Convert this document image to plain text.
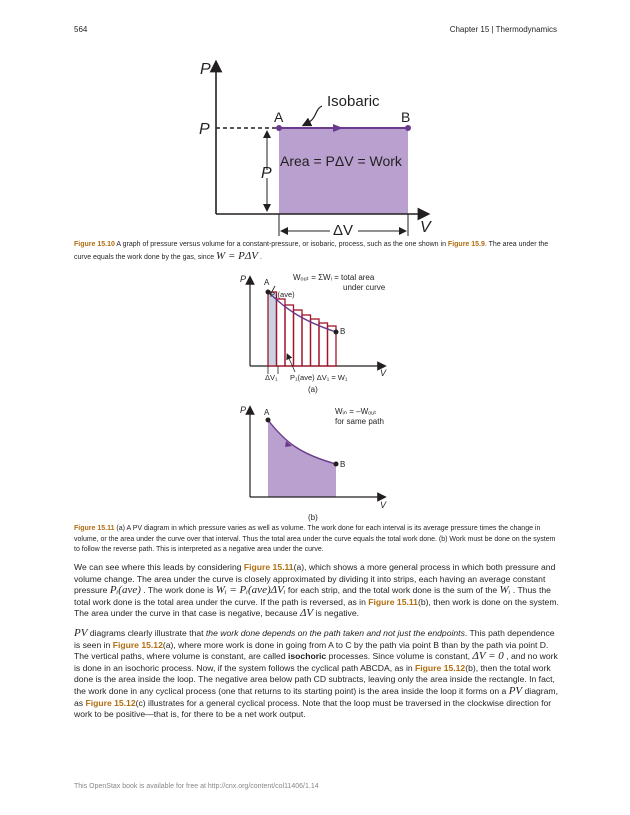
564	Chapter 15 | Thermodynamics
P
V
P
P
A	B
Isobaric
Area = PΔV = Work
ΔV
Figure 15.10 A graph of pressure versus volume for a constant-pressure, or isobaric, process, such as the one shown in Figure 15.9. The area under the curve equals the work done by the gas, since W = PΔV .
P
V
A
B
Wₒᵤₜ = ΣWᵢ = total area
under curve
P₁(ave)
ΔV₁ P₁(ave) ΔV₁ = W₁
(a)
P
V
A
B
Wᵢₙ = –Wₒᵤₜ
for same path
(b)
Figure 15.11 (a) A PV diagram in which pressure varies as well as volume. The work done for each interval is its average pressure times the change in volume, or the area under the curve over that interval. Thus the total area under the curve equals the total work done. (b) Work must be done on the system to follow the reverse path. This is interpreted as a negative area under the curve.
We can see where this leads by considering Figure 15.11(a), which shows a more general process in which both pressure and volume change. The area under the curve is closely approximated by dividing it into strips, each having an average constant pressure Pᵢ(ave) . The work done is Wᵢ = Pᵢ(ave)ΔVᵢ for each strip, and the total work done is the sum of the Wᵢ . Thus the total work done is the total area under the curve. If the path is reversed, as in Figure 15.11(b), then work is done on the system. The area under the curve in that case is negative, because ΔV is negative.
PV diagrams clearly illustrate that the work done depends on the path taken and not just the endpoints. This path dependence is seen in Figure 15.12(a), where more work is done in going from A to C by the path via point B than by the path via point D. The vertical paths, where volume is constant, are called isochoric processes. Since volume is constant, ΔV = 0 , and no work is done in an isochoric process. Now, if the system follows the cyclical path ABCDA, as in Figure 15.12(b), then the total work done is the area inside the loop. The negative area below path CD subtracts, leaving only the area inside the rectangle. In fact, the work done in any cyclical process (one that returns to its starting point) is the area inside the loop it forms on a PV diagram, as Figure 15.12(c) illustrates for a general cyclical process. Note that the loop must be traversed in the clockwise direction for work to be positive—that is, for there to be a net work output.
This OpenStax book is available for free at http://cnx.org/content/col11406/1.14
